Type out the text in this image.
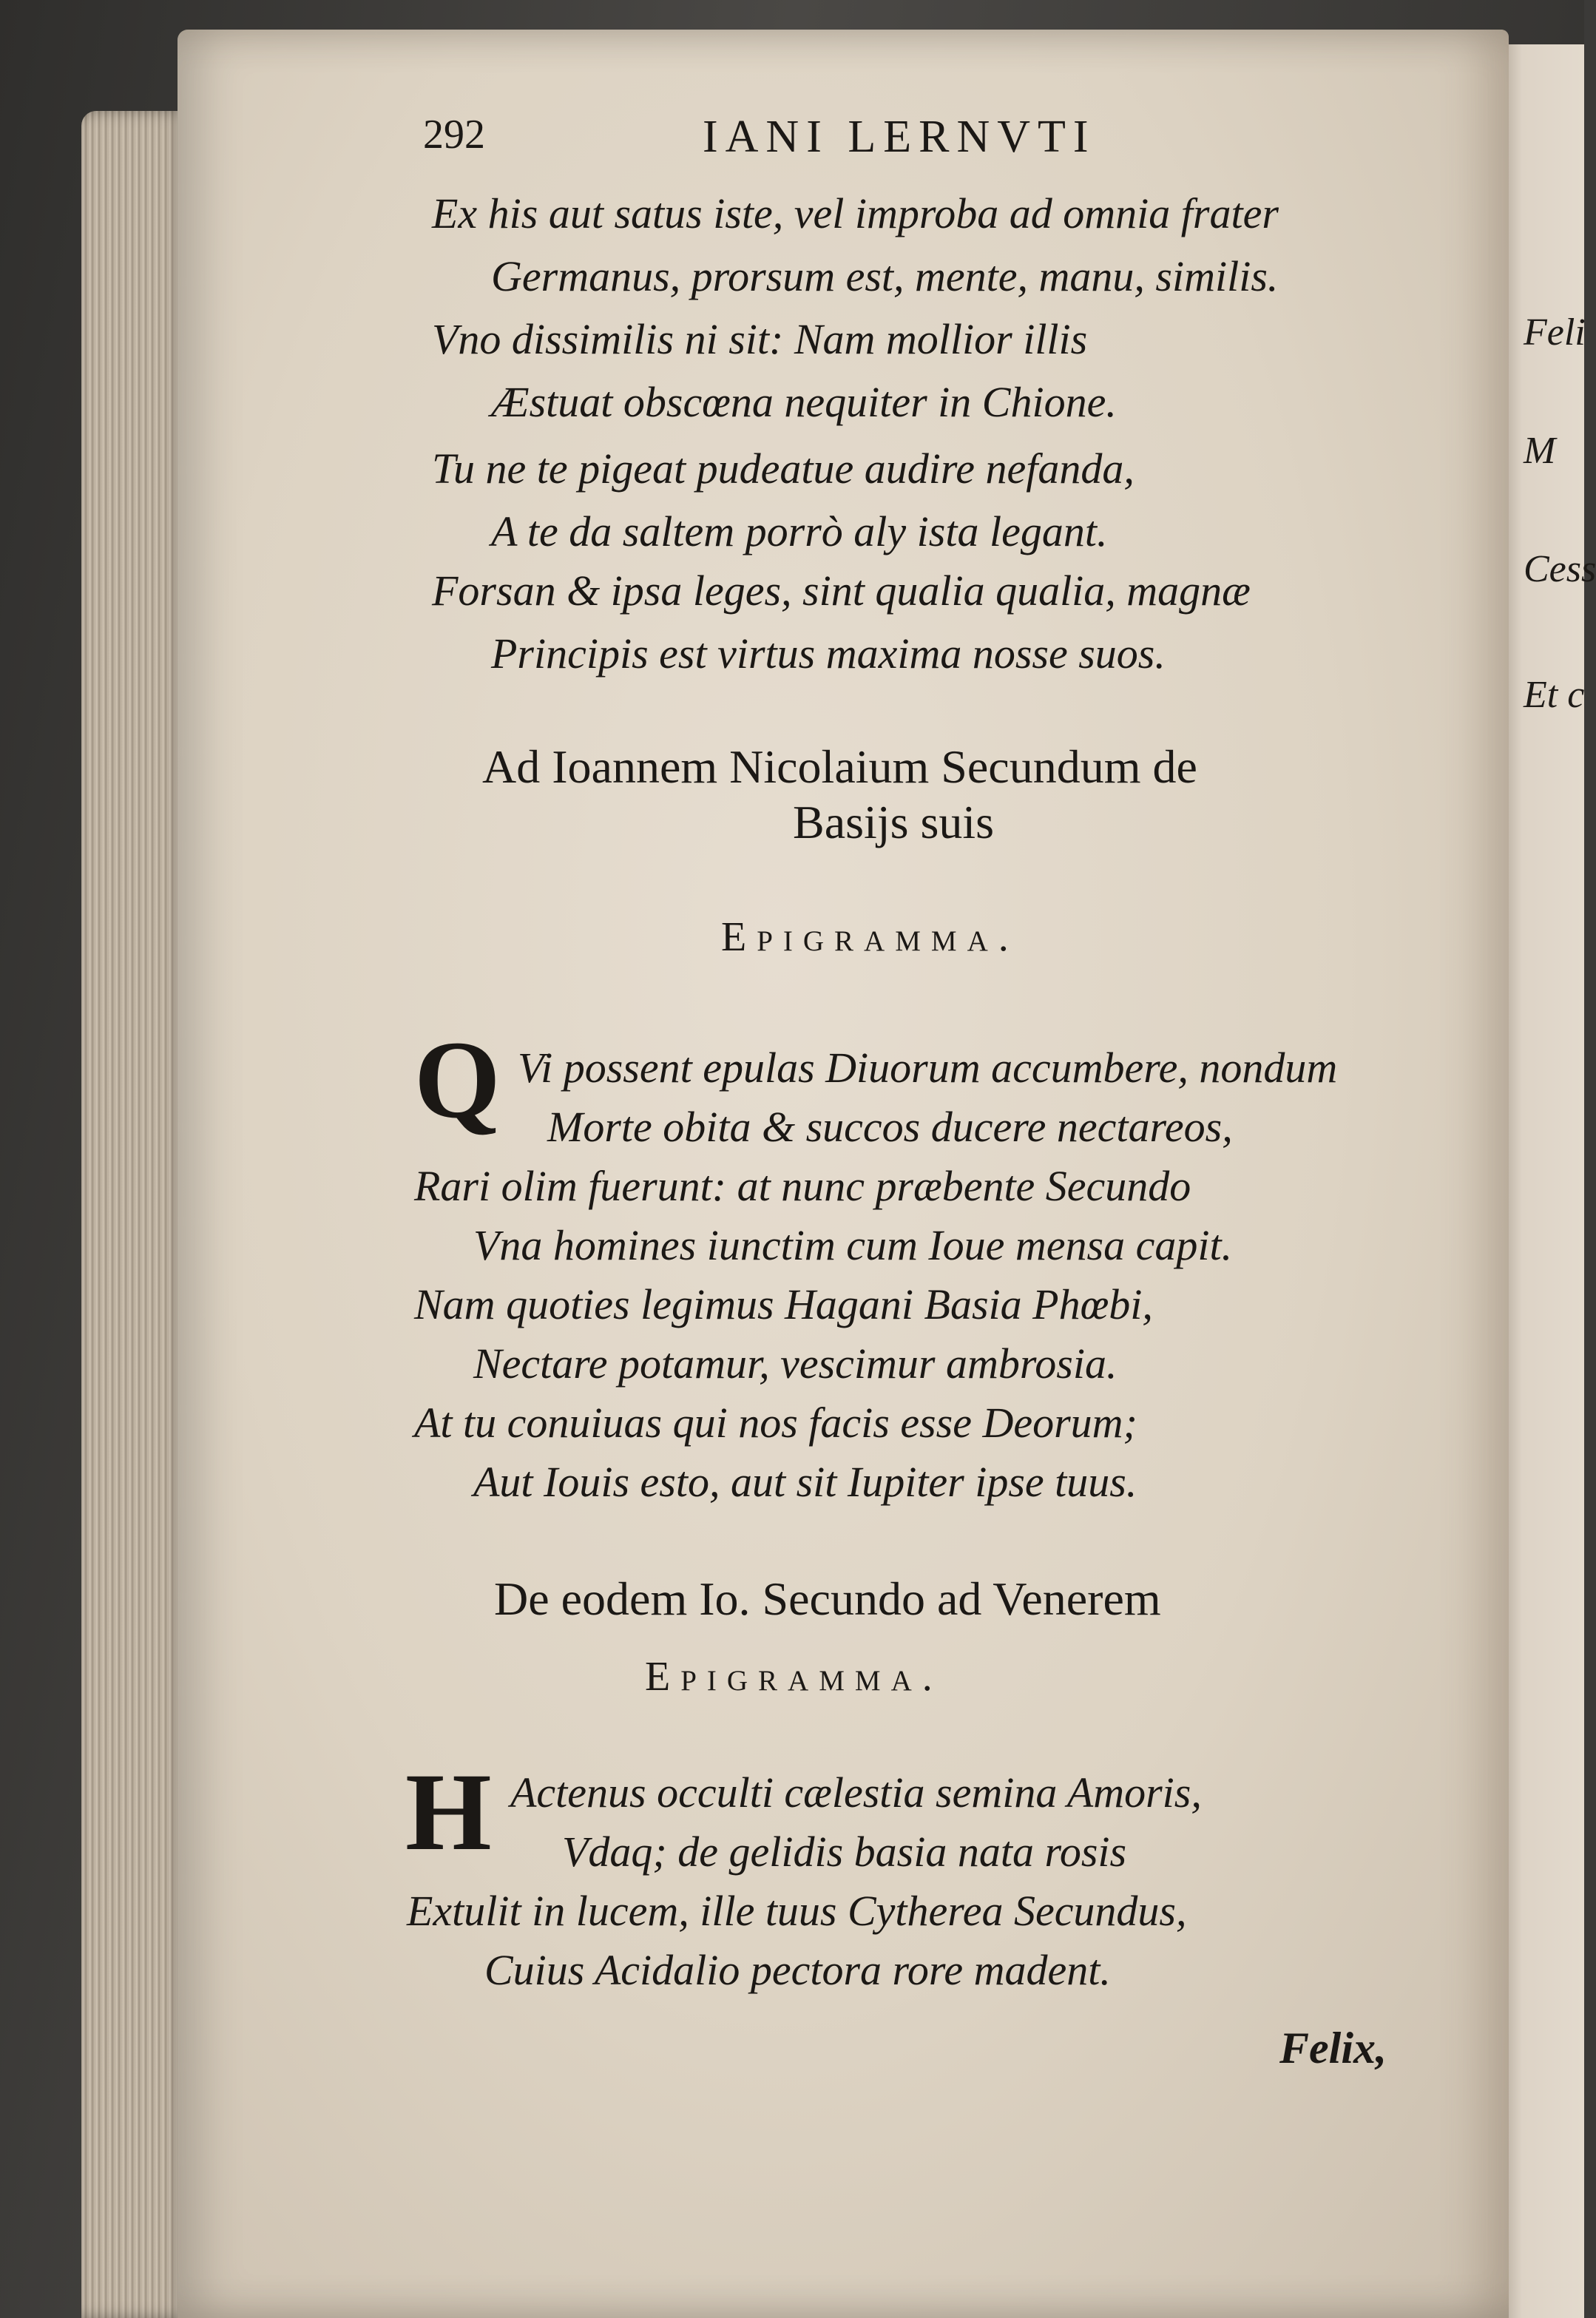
Feli
M
Cess
Et c
292	IANI LERNVTI
Ex his aut satus iste, vel improba ad omnia frater
Germanus, prorsum est, mente, manu, similis.
Vno dissimilis ni sit: Nam mollior illis
Æstuat obscœna nequiter in Chione.
Tu ne te pigeat pudeatue audire nefanda,
A te da saltem porrò aly ista legant.
Forsan & ipsa leges, sint qualia qualia, magnæ
Principis est virtus maxima nosse suos.
Ad Ioannem Nicolaium Secundum de
Basijs suis
Epigramma.
Q Vi possent epulas Diuorum accumbere, nondum
Morte obita & succos ducere nectareos,
Rari olim fuerunt: at nunc præbente Secundo
Vna homines iunctim cum Ioue mensa capit.
Nam quoties legimus Hagani Basia Phœbi,
Nectare potamur, vescimur ambrosia.
At tu conuiuas qui nos facis esse Deorum;
Aut Iouis esto, aut sit Iupiter ipse tuus.
De eodem Io. Secundo ad Venerem
Epigramma.
H Actenus occulti cælestia semina Amoris,
Vdaq; de gelidis basia nata rosis
Extulit in lucem, ille tuus Cytherea Secundus,
Cuius Acidalio pectora rore madent.
Felix,
